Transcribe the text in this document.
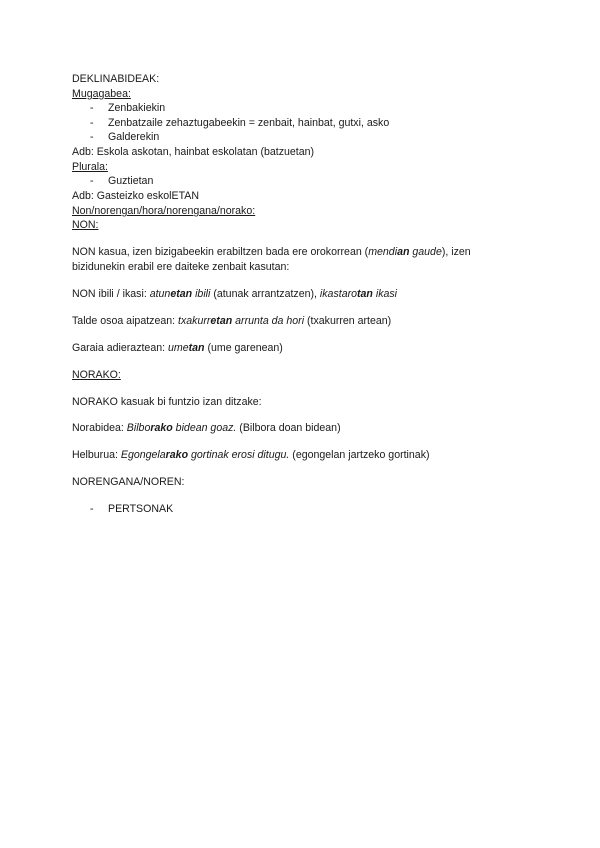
DEKLINABIDEAK:
Mugagabea:
- Zenbakiekin
- Zenbatzaile zehaztugabeekin = zenbait, hainbat, gutxi, asko
- Galderekin
Adb: Eskola askotan, hainbat eskolatan (batzuetan)
Plurala:
- Guztietan
Adb: Gasteizko eskolETAN
Non/norengan/hora/norengana/norako:
NON:
NON kasua, izen bizigabeekin erabiltzen bada ere orokorrean (mendian gaude), izen
bizidunekin erabil ere daiteke zenbait kasutan:
NON ibili / ikasi: atunetan ibili (atunak arrantzatzen), ikastarotan ikasi
Talde osoa aipatzean: txakurretan arrunta da hori (txakurren artean)
Garaia adieraztean: umetan (ume garenean)
NORAKO:
NORAKO kasuak bi funtzio izan ditzake:
Norabidea: Bilborako bidean goaz. (Bilbora doan bidean)
Helburua: Egongelarako gortinak erosi ditugu. (egongelan jartzeko gortinak)
NORENGANA/NOREN:
- PERTSONAK
